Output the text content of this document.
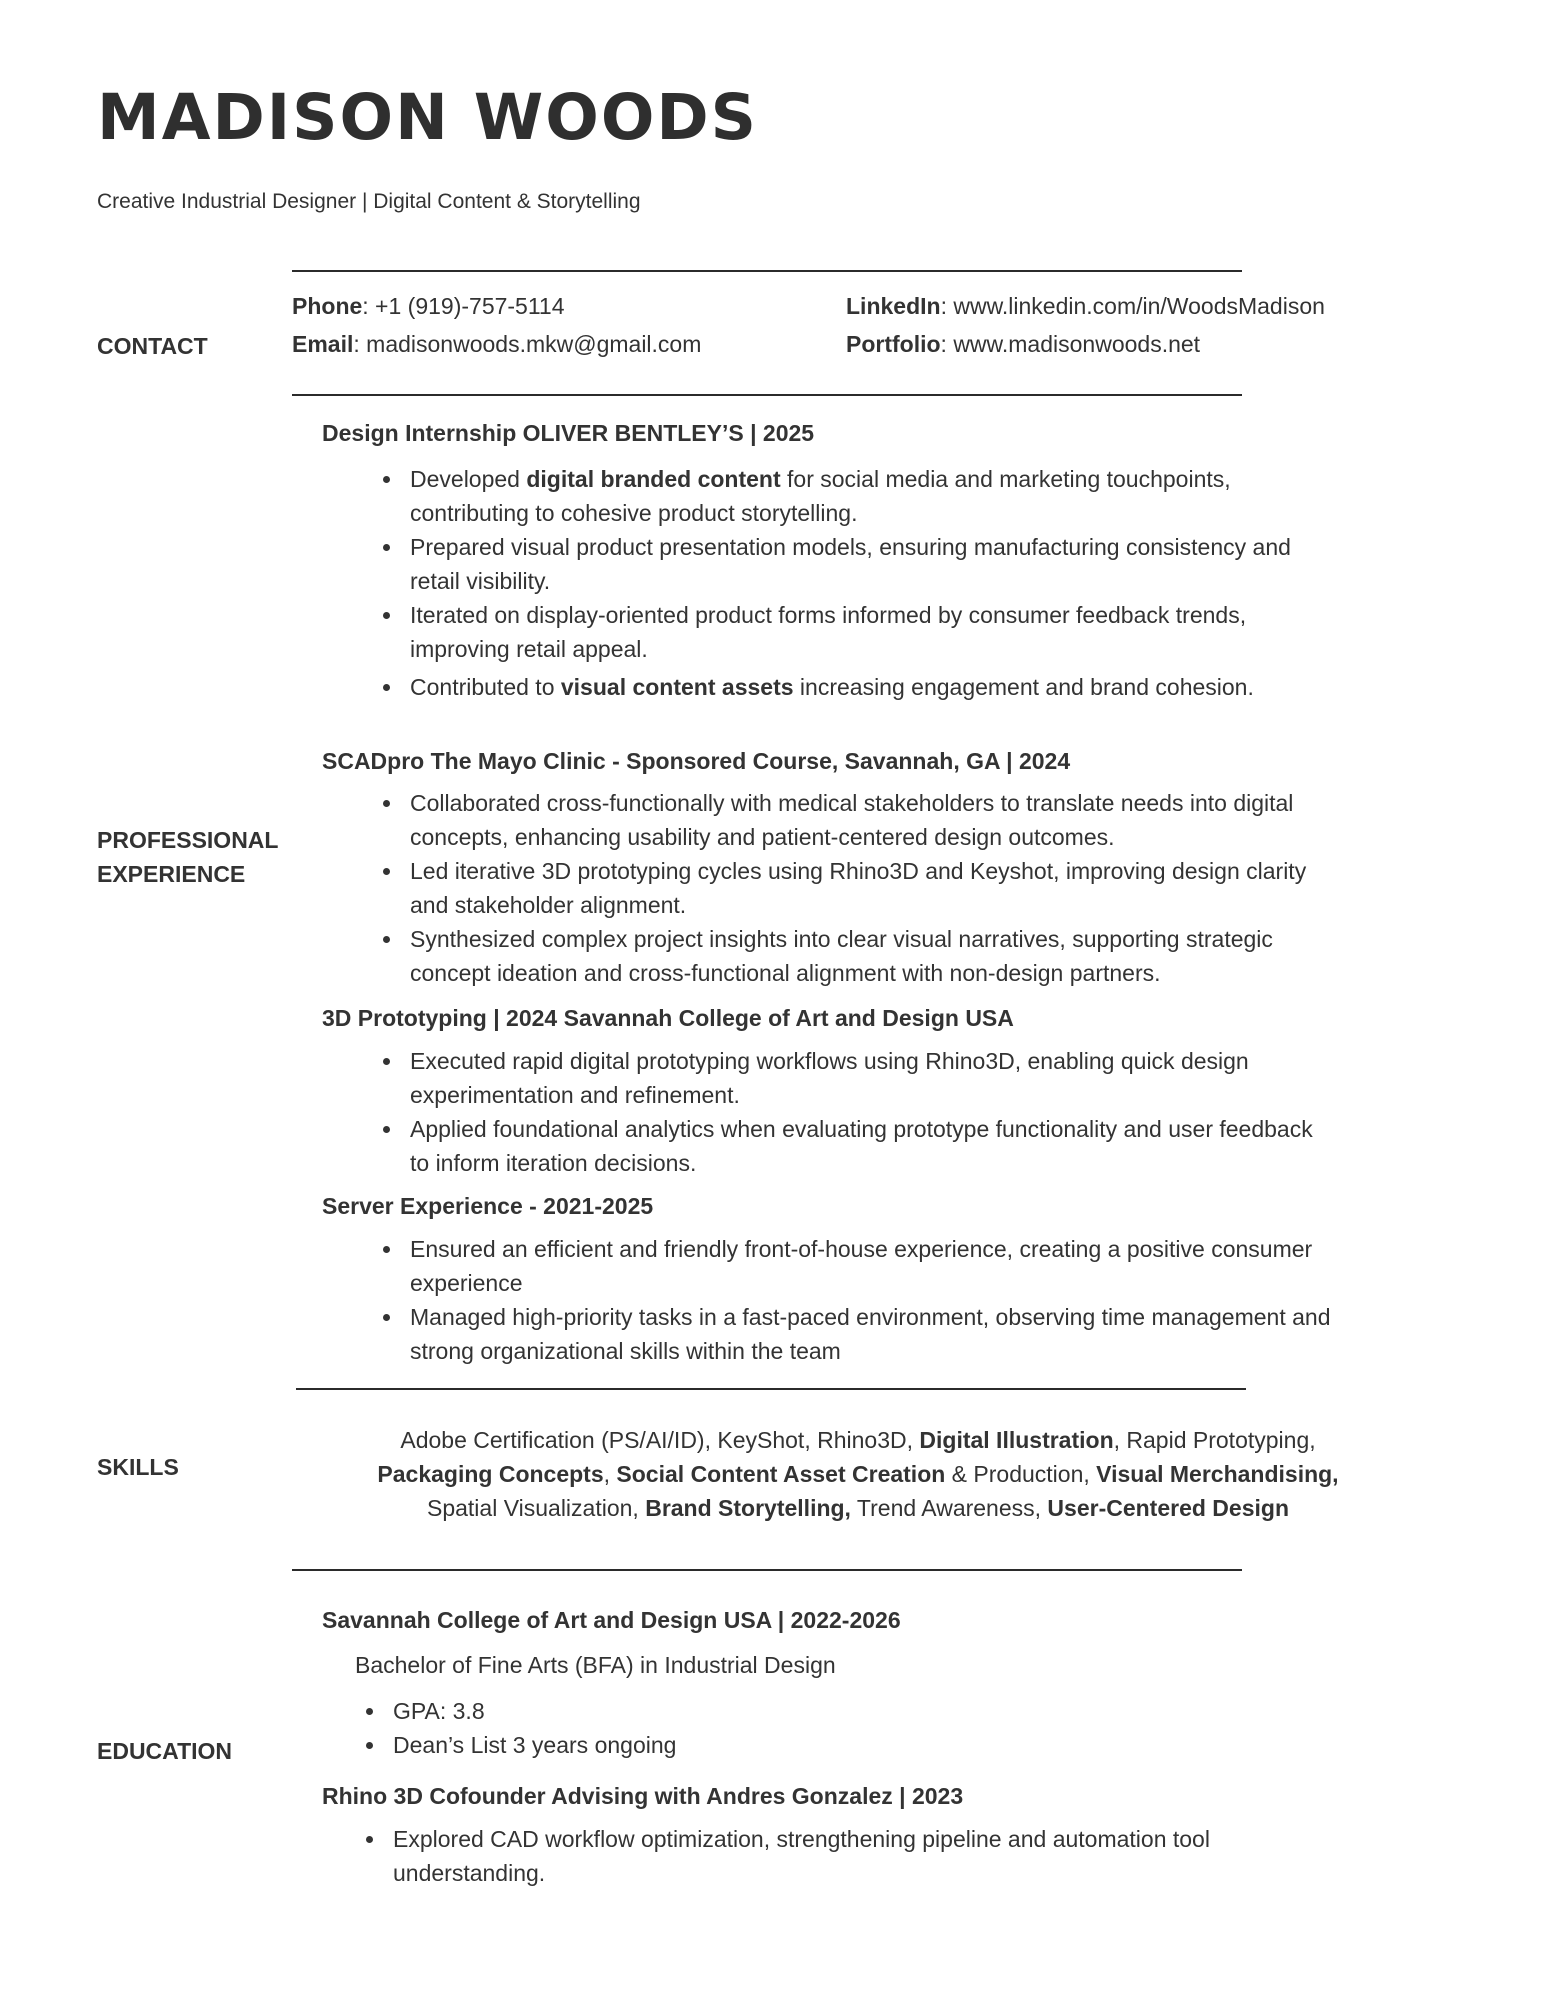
MADISON WOODS
Creative Industrial Designer | Digital Content & Storytelling
CONTACT
Phone: +1 (919)-757-5114
Email: madisonwoods.mkw@gmail.com
LinkedIn: www.linkedin.com/in/WoodsMadison
Portfolio: www.madisonwoods.net
PROFESSIONAL
EXPERIENCE
Design Internship OLIVER BENTLEY’S | 2025
Developed digital branded content for social media and marketing touchpoints,
contributing to cohesive product storytelling.
Prepared visual product presentation models, ensuring manufacturing consistency and
retail visibility.
Iterated on display-oriented product forms informed by consumer feedback trends,
improving retail appeal.
Contributed to visual content assets increasing engagement and brand cohesion.
SCADpro The Mayo Clinic - Sponsored Course, Savannah, GA | 2024
Collaborated cross-functionally with medical stakeholders to translate needs into digital
concepts, enhancing usability and patient-centered design outcomes.
Led iterative 3D prototyping cycles using Rhino3D and Keyshot, improving design clarity
and stakeholder alignment.
Synthesized complex project insights into clear visual narratives, supporting strategic
concept ideation and cross-functional alignment with non-design partners.
3D Prototyping | 2024 Savannah College of Art and Design USA
Executed rapid digital prototyping workflows using Rhino3D, enabling quick design
experimentation and refinement.
Applied foundational analytics when evaluating prototype functionality and user feedback
to inform iteration decisions.
Server Experience - 2021-2025
Ensured an efficient and friendly front-of-house experience, creating a positive consumer
experience
Managed high-priority tasks in a fast-paced environment, observing time management and
strong organizational skills within the team
SKILLS
Adobe Certification (PS/AI/ID), KeyShot, Rhino3D, Digital Illustration, Rapid Prototyping,
Packaging Concepts, Social Content Asset Creation & Production, Visual Merchandising,
Spatial Visualization, Brand Storytelling, Trend Awareness, User-Centered Design
EDUCATION
Savannah College of Art and Design USA | 2022-2026
Bachelor of Fine Arts (BFA) in Industrial Design
GPA: 3.8
Dean’s List 3 years ongoing
Rhino 3D Cofounder Advising with Andres Gonzalez | 2023
Explored CAD workflow optimization, strengthening pipeline and automation tool
understanding.
